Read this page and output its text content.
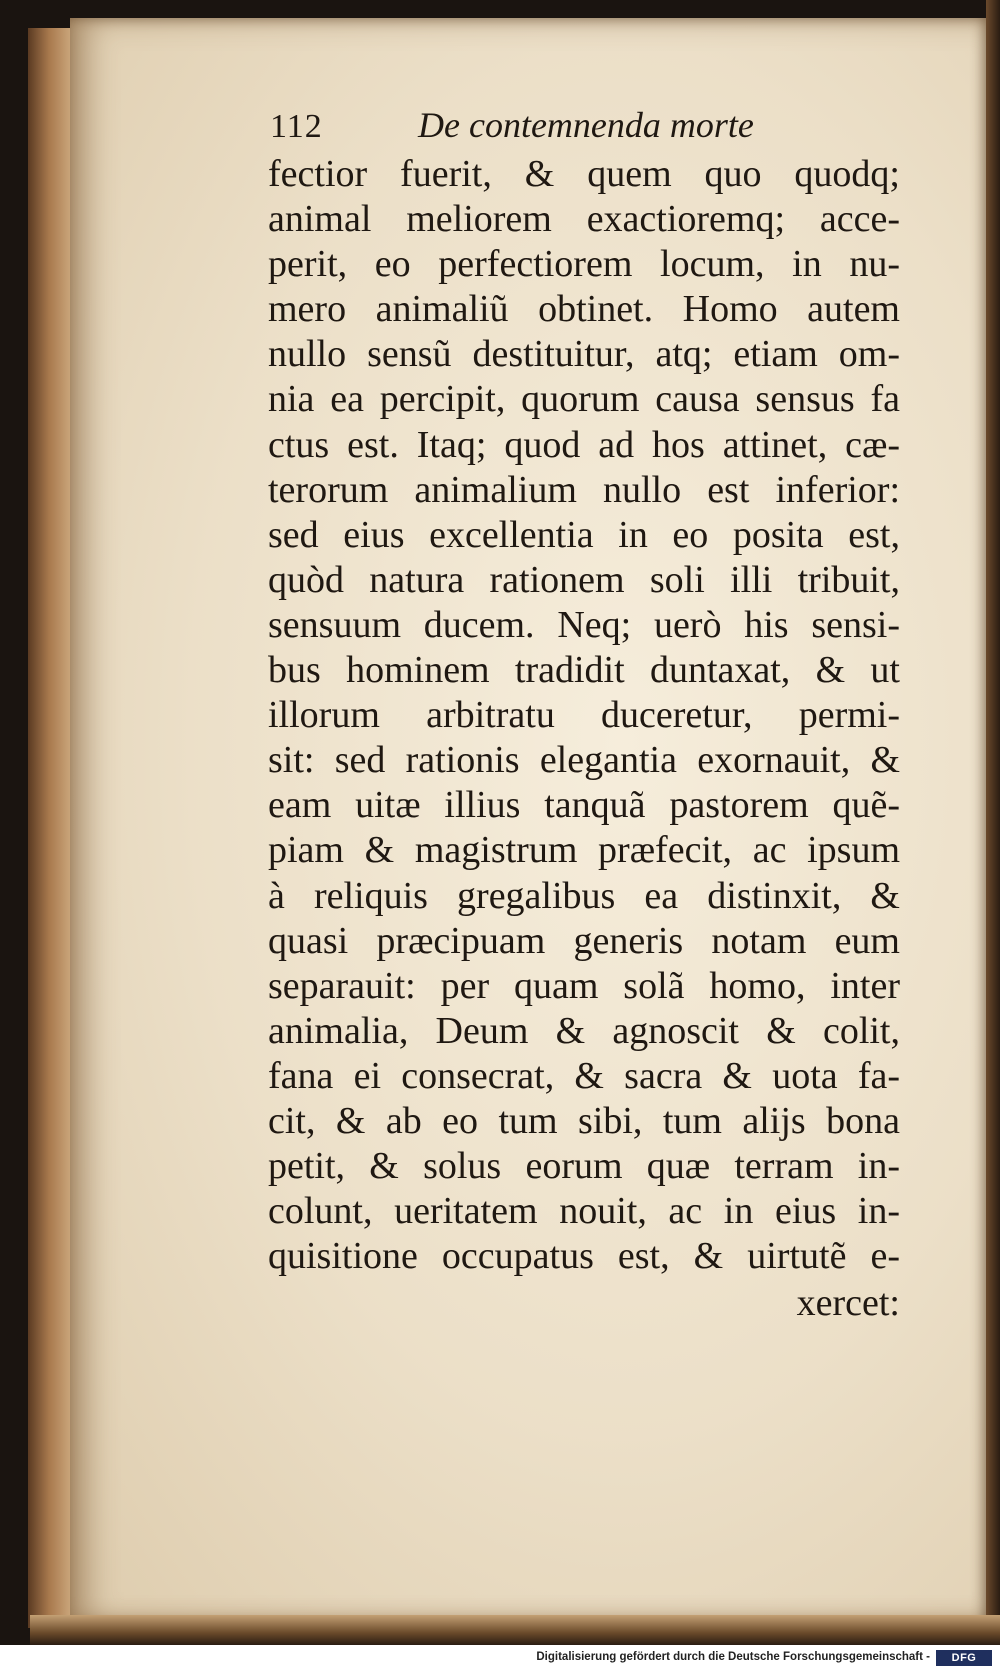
112	De contemnenda morte
fectior fuerit, & quem quo quodq;
animal meliorem exactioremq; acce-
perit, eo perfectiorem locum, in nu-
mero animaliũ obtinet. Homo autem
nullo sensũ destituitur, atq; etiam om-
nia ea percipit, quorum causa sensus fa
ctus est. Itaq; quod ad hos attinet, cæ-
terorum animalium nullo est inferior:
sed eius excellentia in eo posita est,
quòd natura rationem soli illi tribuit,
sensuum ducem. Neq; uerò his sensi-
bus hominem tradidit duntaxat, & ut
illorum arbitratu duceretur, permi-
sit: sed rationis elegantia exornauit, &
eam uitæ illius tanquã pastorem quẽ-
piam & magistrum præfecit, ac ipsum
à reliquis gregalibus ea distinxit, &
quasi præcipuam generis notam eum
separauit: per quam solã homo, inter
animalia, Deum & agnoscit & colit,
fana ei consecrat, & sacra & uota fa-
cit, & ab eo tum sibi, tum alijs bona
petit, & solus eorum quæ terram in-
colunt, ueritatem nouit, ac in eius in-
quisitione occupatus est, & uirtutẽ e-
xercet:
Digitalisierung gefördert durch die Deutsche Forschungsgemeinschaft -	DFG
